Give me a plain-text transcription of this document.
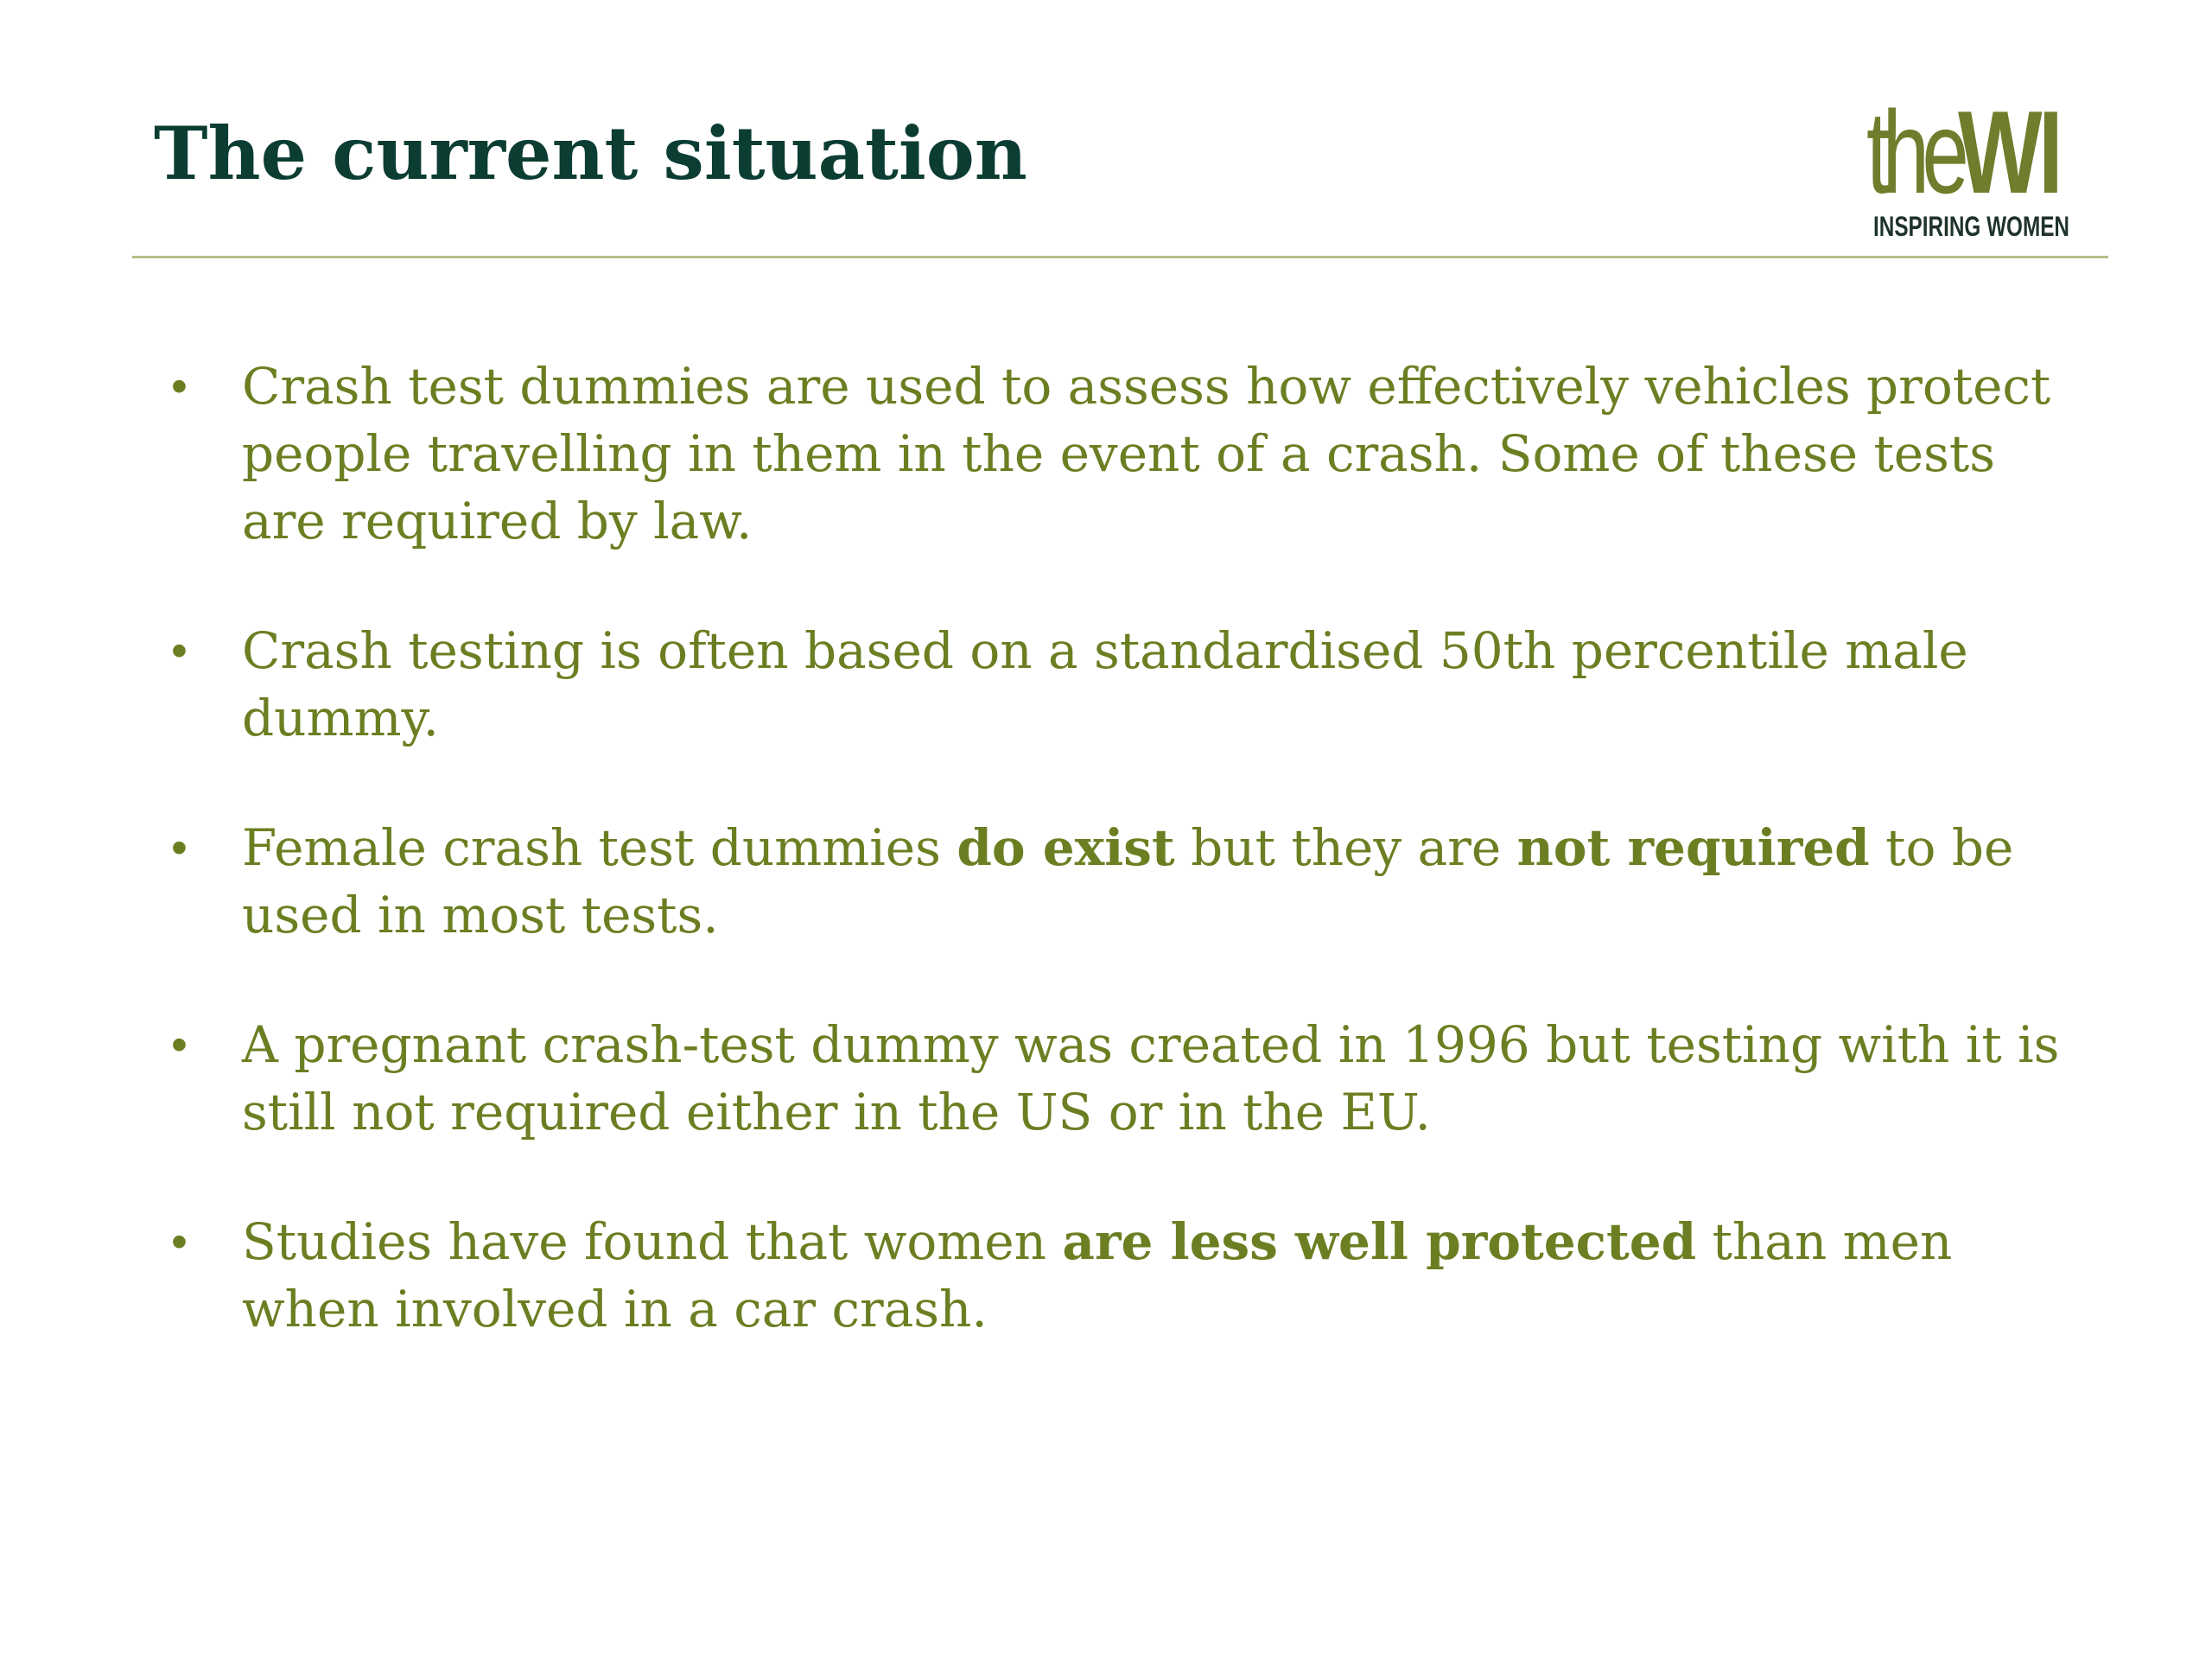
The current situation	the
WI
INSPIRING WOMEN
• Crash test dummies are used to assess how effectively vehicles protect people travelling in them in the event of a crash. Some of these tests are required by law.
• Crash testing is often based on a standardised 50th percentile male dummy.
• Female crash test dummies do exist but they are not required to be used in most tests.
• A pregnant crash-test dummy was created in 1996 but testing with it is still not required either in the US or in the EU.
• Studies have found that women are less well protected than men when involved in a car crash.
